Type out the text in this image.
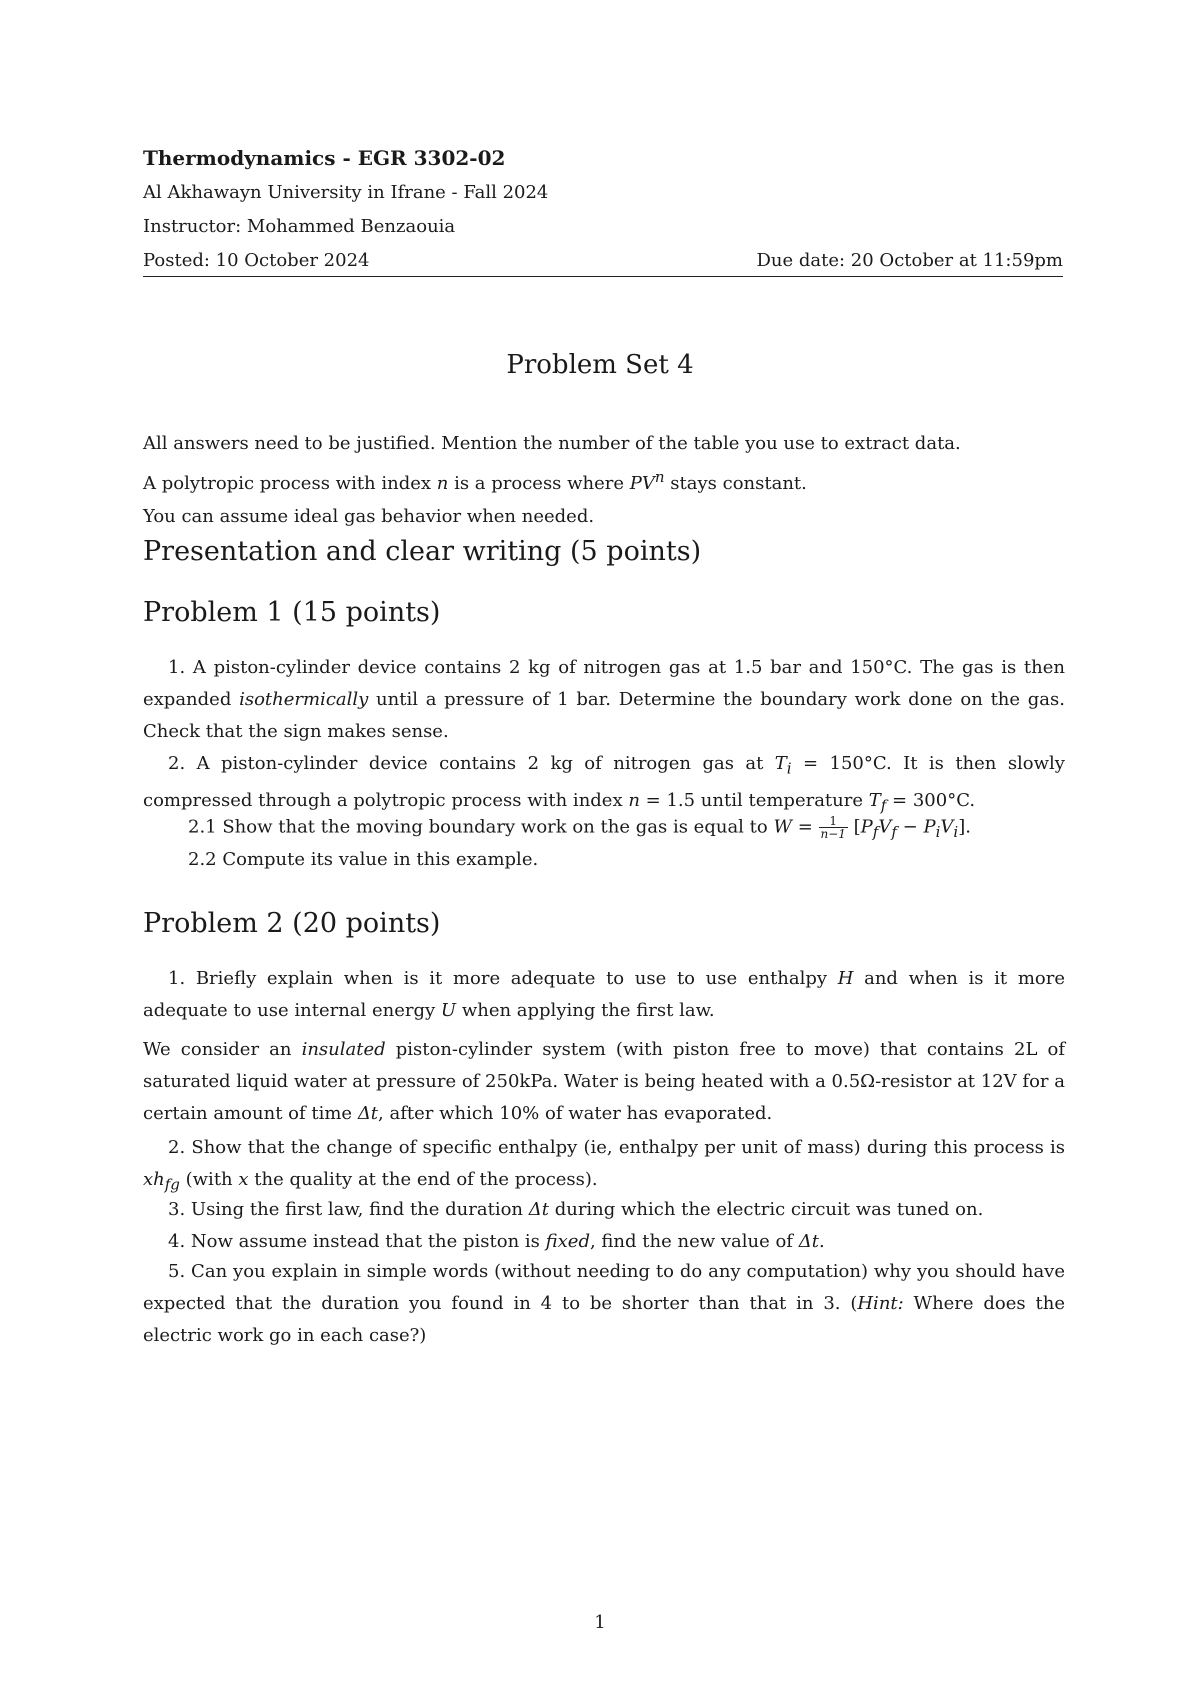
Thermodynamics - EGR 3302-02
Al Akhawayn University in Ifrane - Fall 2024
Instructor: Mohammed Benzaouia
Posted: 10 October 2024	Due date: 20 October at 11:59pm
Problem Set 4

All answers need to be justified. Mention the number of the table you use to extract data.

A polytropic process with index n is a process where $PV^n$ stays constant.

You can assume ideal gas behavior when needed.

Presentation and clear writing (5 points)
Problem 1 (15 points)

1. A piston-cylinder device contains 2 kg of nitrogen gas at 1.5 bar and 150°C. The gas is then expanded isothermically until a pressure of 1 bar. Determine the boundary work done on the gas. Check that the sign makes sense.

2. A piston-cylinder device contains 2 kg of nitrogen gas at $T_i = 150^\circ C$. It is then slowly compressed through a polytropic process with index n = 1.5 until temperature $T_f = 300^\circ C$.

2.1 Show that the moving boundary work on the gas is equal to $W = \frac{1}{n-1} [P_fV_f - P_iV_i]$.
2.2 Compute its value in this example.
Problem 2 (20 points)

1. Briefly explain when is it more adequate to use to use enthalpy H and when is it more adequate to use internal energy U when applying the first law.

We consider an insulated piston-cylinder system (with piston free to move) that contains 2L of saturated liquid water at pressure of 250kPa. Water is being heated with a 0.5Ω-resistor at 12V for a certain amount of time Δt, after which 10% of water has evaporated.

2. Show that the change of specific enthalpy (ie, enthalpy per unit of mass) during this process is $xh_{fg}$ (with x the quality at the end of the process).

3. Using the first law, find the duration Δt during which the electric circuit was tuned on.

4. Now assume instead that the piston is fixed, find the new value of Δt.

5. Can you explain in simple words (without needing to do any computation) why you should have expected that the duration you found in 4 to be shorter than that in 3. (Hint: Where does the electric work go in each case?)

1
